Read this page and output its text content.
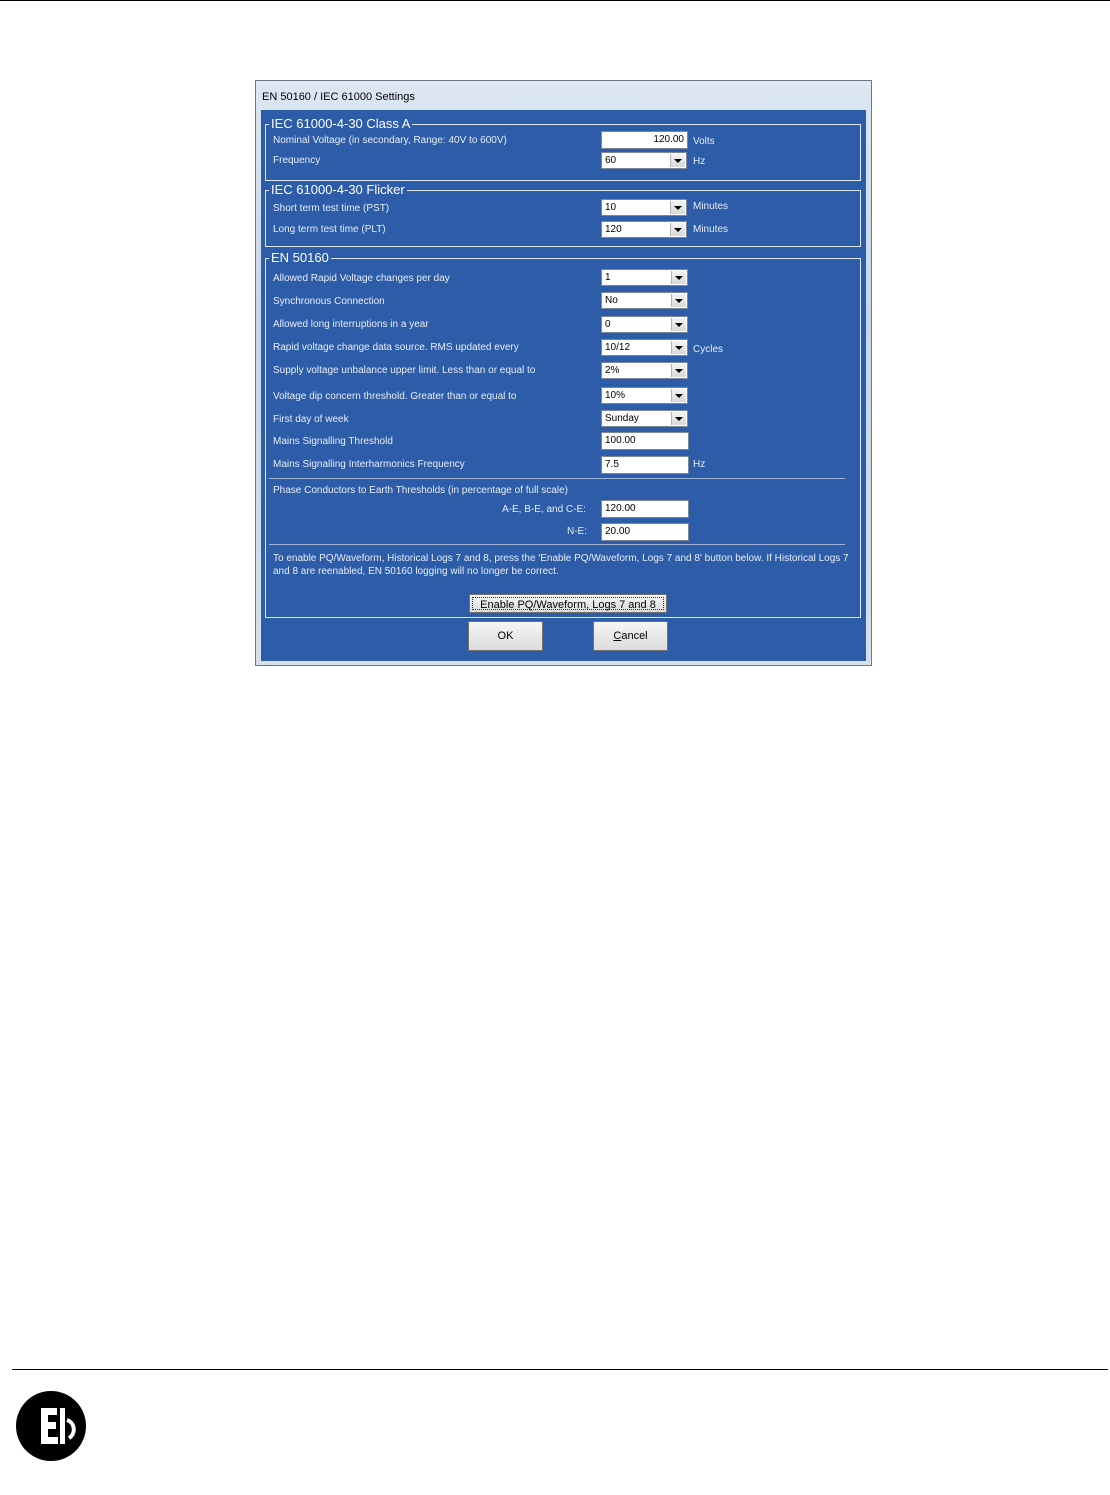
EN 50160 / IEC 61000 Settings
IEC 61000-4-30 Class A
Nominal Voltage (in secondary, Range: 40V to 600V)	120.00 Volts
Frequency	60	Hz
IEC 61000-4-30 Flicker
Short term test time (PST)	10	Minutes
Long term test time (PLT)	120	Minutes
EN 50160
Allowed Rapid Voltage changes per day	1
Synchronous Connection	No
Allowed long interruptions in a year	0
Rapid voltage change data source. RMS updated every	10/12	Cycles
Supply voltage unbalance upper limit. Less than or equal to	2%
Voltage dip concern threshold. Greater than or equal to	10%
First day of week	Sunday
Mains Signalling Threshold	100.00
Mains Signalling Interharmonics Frequency	7.5	Hz
Phase Conductors to Earth Thresholds (in percentage of full scale)
A-E, B-E, and C-E: 120.00
N-E: 20.00
To enable PQ/Waveform, Historical Logs 7 and 8, press the 'Enable PQ/Waveform, Logs 7 and 8' button below. If Historical Logs 7 and 8 are reenabled, EN 50160 logging will no longer be correct.
Enable PQ/Waveform, Logs 7 and 8
OK	Cancel
